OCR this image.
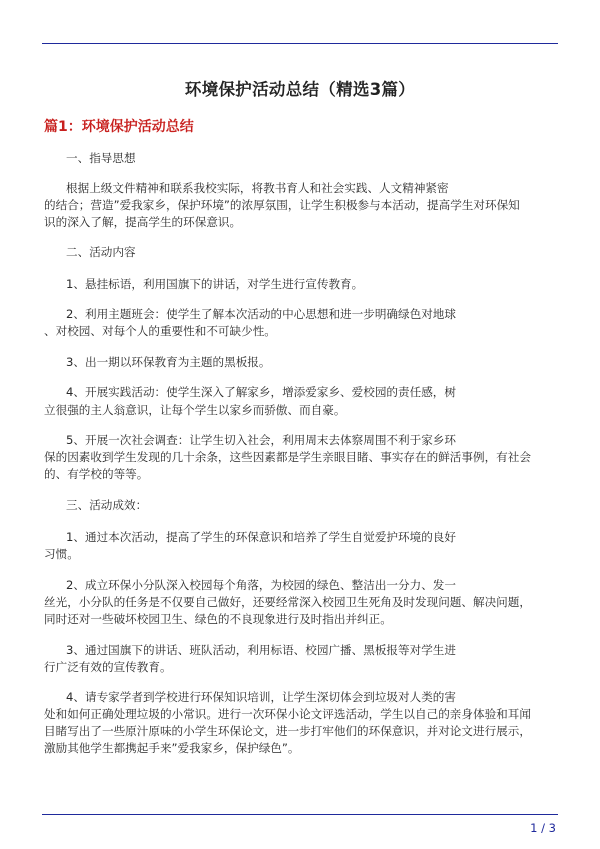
环境保护活动总结（精选3篇）
篇1：环境保护活动总结
一、指导思想
根据上级文件精神和联系我校实际，将教书育人和社会实践、人文精神紧密
的结合；营造”爱我家乡，保护环境”的浓厚氛围，让学生积极参与本活动，提高学生对环保知
识的深入了解，提高学生的环保意识。
二、活动内容
1、悬挂标语，利用国旗下的讲话，对学生进行宣传教育。
2、利用主题班会：使学生了解本次活动的中心思想和进一步明确绿色对地球
、对校园、对每个人的重要性和不可缺少性。
3、出一期以环保教育为主题的黑板报。
4、开展实践活动：使学生深入了解家乡，增添爱家乡、爱校园的责任感，树
立很强的主人翁意识，让每个学生以家乡而骄傲、而自豪。
5、开展一次社会调查：让学生切入社会，利用周末去体察周围不利于家乡环
保的因素收到学生发现的几十余条，这些因素都是学生亲眼目睹、事实存在的鲜活事例，有社会
的、有学校的等等。
三、活动成效：
1、通过本次活动，提高了学生的环保意识和培养了学生自觉爱护环境的良好
习惯。
2、成立环保小分队深入校园每个角落，为校园的绿色、整洁出一分力、发一
丝光，小分队的任务是不仅要自己做好，还要经常深入校园卫生死角及时发现问题、解决问题，
同时还对一些破坏校园卫生、绿色的不良现象进行及时指出并纠正。
3、通过国旗下的讲话、班队活动，利用标语、校园广播、黑板报等对学生进
行广泛有效的宣传教育。
4、请专家学者到学校进行环保知识培训，让学生深切体会到垃圾对人类的害
处和如何正确处理垃圾的小常识。进行一次环保小论文评选活动，学生以自己的亲身体验和耳闻
目睹写出了一些原汁原味的小学生环保论文，进一步打牢他们的环保意识，并对论文进行展示，
激励其他学生都携起手来”爱我家乡，保护绿色”。
1 / 3
